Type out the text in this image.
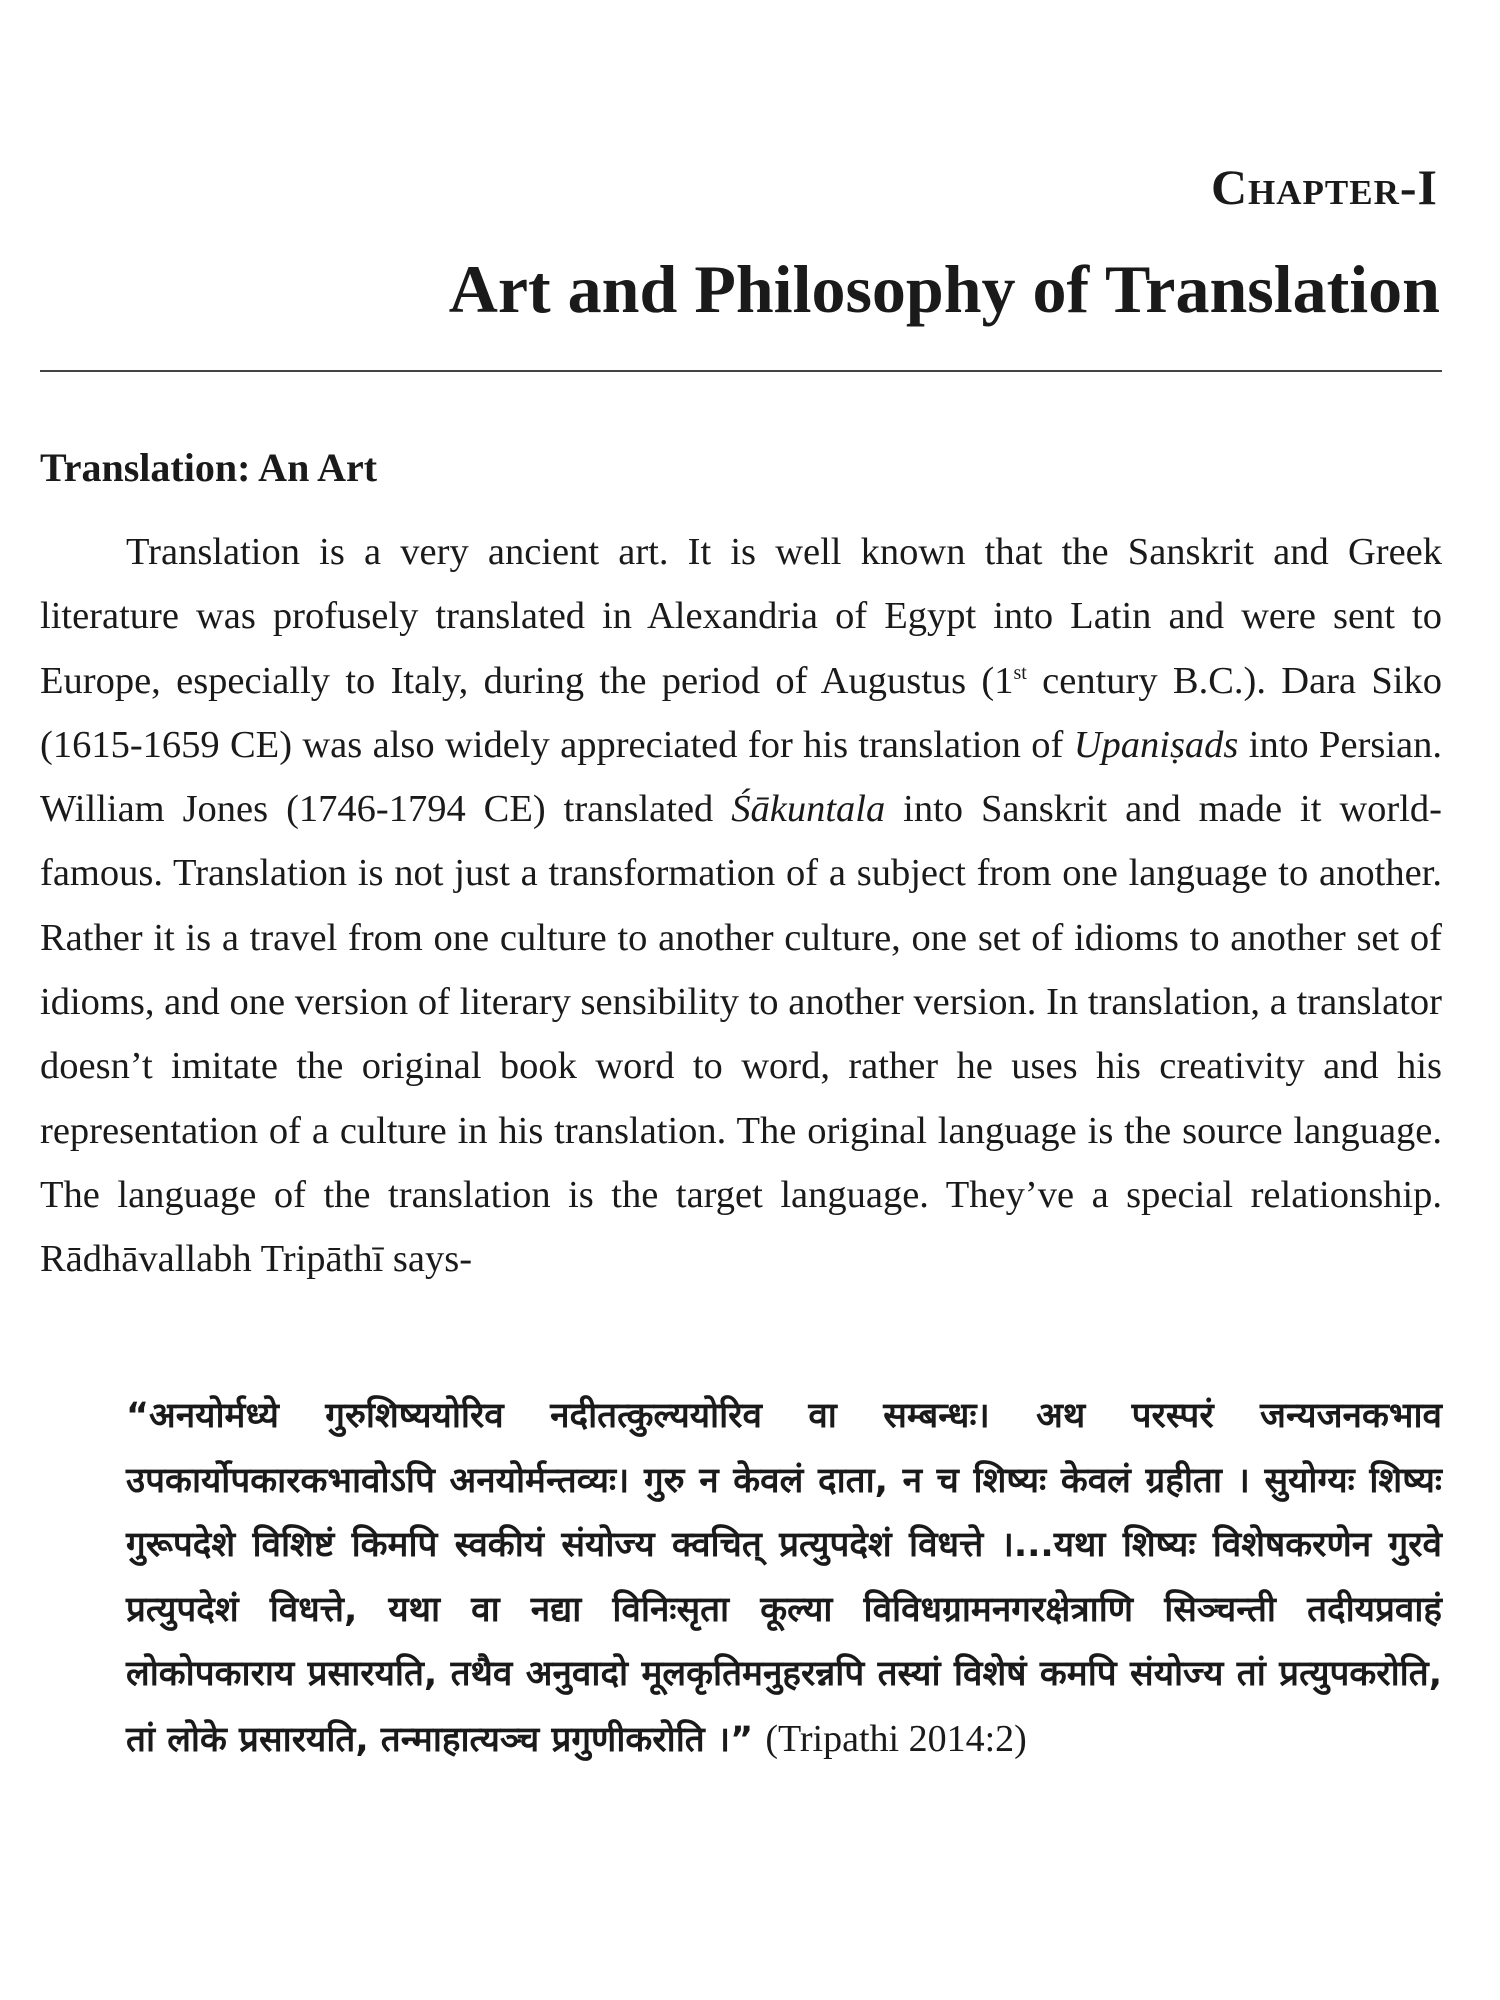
Chapter-I
Art and Philosophy of Translation
Translation: An Art

Translation is a very ancient art. It is well known that the Sanskrit and Greek literature was profusely translated in Alexandria of Egypt into Latin and were sent to Europe, especially to Italy, during the period of Augustus (1st century B.C.). Dara Siko (1615-1659 CE) was also widely appreciated for his translation of Upaniṣads into Persian. William Jones (1746-1794 CE) translated Śākuntala into Sanskrit and made it world-famous. Translation is not just a transformation of a subject from one language to another. Rather it is a travel from one culture to another culture, one set of idioms to another set of idioms, and one version of literary sensibility to another version. In translation, a translator doesn’t imitate the original book word to word, rather he uses his creativity and his representation of a culture in his translation. The original language is the source language. The language of the translation is the target language. They’ve a special relationship. Rādhāvallabh Tripāthī says-

“अनयोर्मध्ये गुरुशिष्ययोरिव नदीतत्कुल्ययोरिव वा सम्बन्धः। अथ परस्परं जन्यजनकभाव उपकार्योपकारकभावोऽपि अनयोर्मन्तव्यः। गुरु न केवलं दाता, न च शिष्यः केवलं ग्रहीता । सुयोग्यः शिष्यः गुरूपदेशे विशिष्टं किमपि स्वकीयं संयोज्य क्वचित् प्रत्युपदेशं विधत्ते ।...यथा शिष्यः विशेषकरणेन गुरवे प्रत्युपदेशं विधत्ते, यथा वा नद्या विनिःसृता कूल्या विविधग्रामनगरक्षेत्राणि सिञ्चन्ती तदीयप्रवाहं लोकोपकाराय प्रसारयति, तथैव अनुवादो मूलकृतिमनुहरन्नपि तस्यां विशेषं कमपि संयोज्य तां प्रत्युपकरोति, तां लोके प्रसारयति, तन्माहात्यञ्च प्रगुणीकरोति ।” (Tripathi 2014:2)
